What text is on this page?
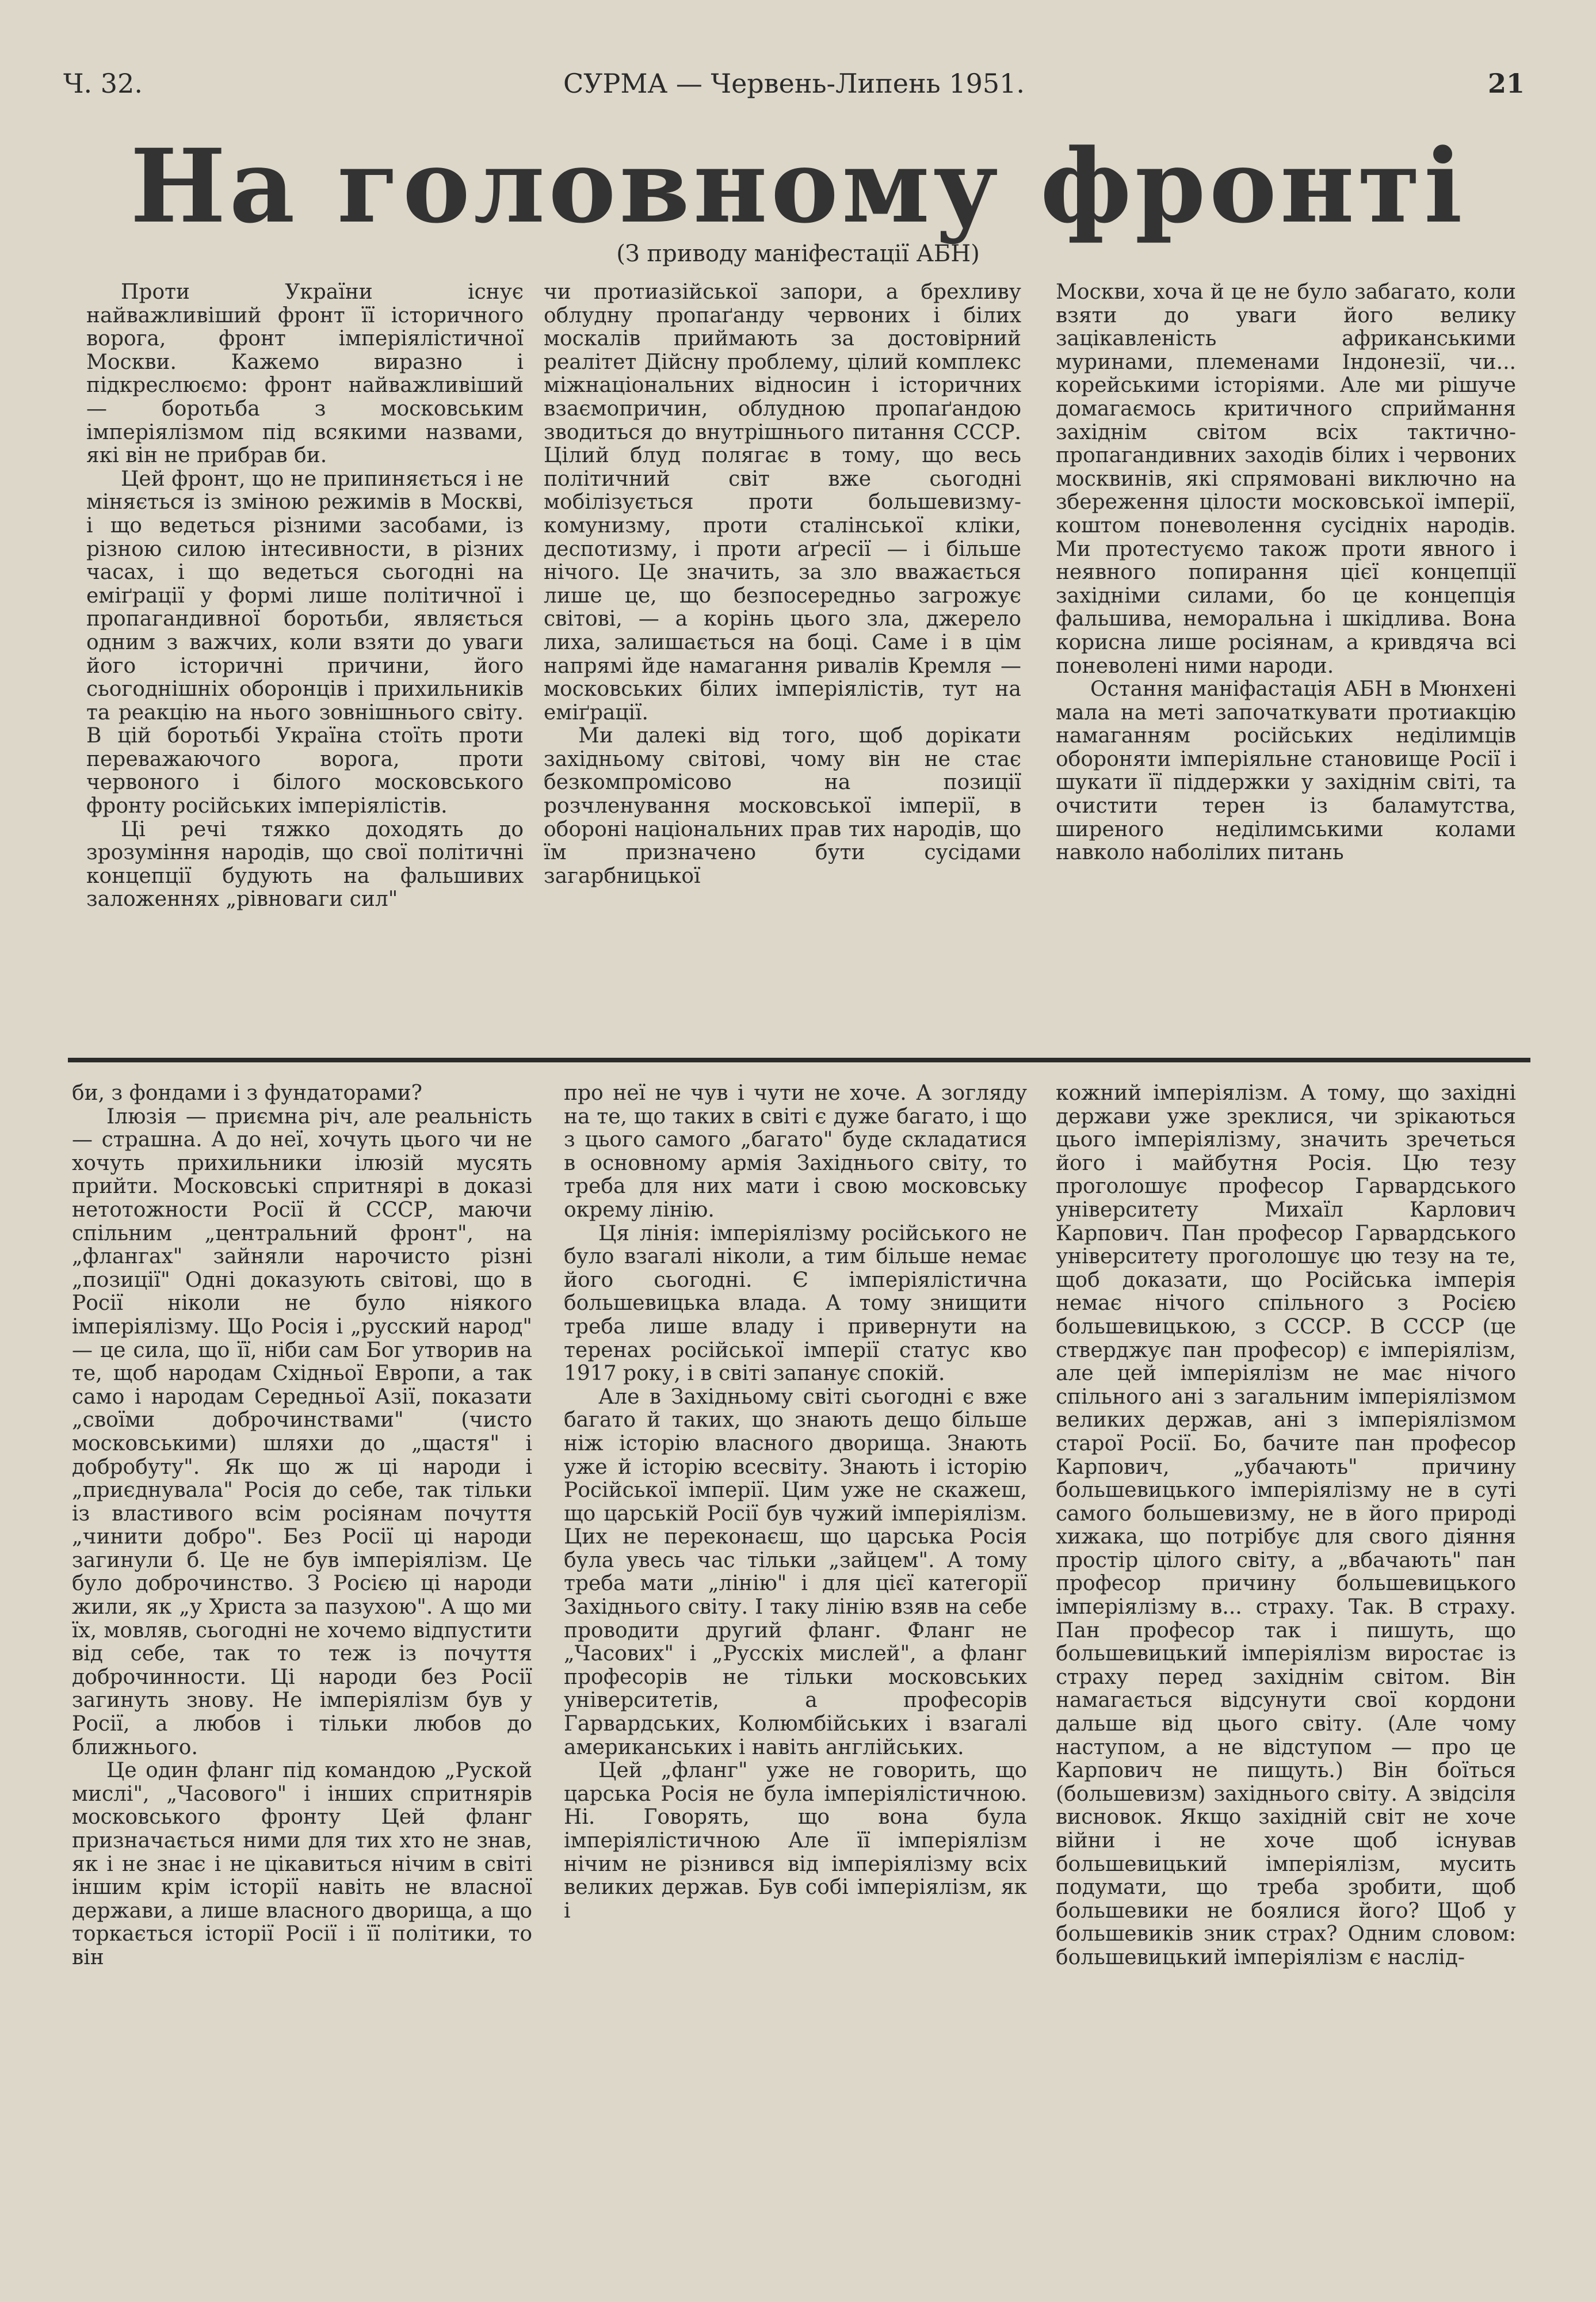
Ч. 32.	СУРМА — Червень-Липень 1951.	21
На головному фронті
(З приводу маніфестації АБН)

Проти України існує найважливіший фронт її історичного ворога, фронт імперіялістичної Москви. Кажемо виразно і підкреслюємо: фронт найважливіший — боротьба з московським імперіялізмом під всякими назвами, які він не прибрав би.

Цей фронт, що не припиняється і не міняється із зміною режимів в Москві, і що ведеться різними засобами, із різною силою інтесивности, в різних часах, і що ведеться сьогодні на еміґрації у формі лише політичної і пропагандивної боротьби, являється одним з важчих, коли взяти до уваги його історичні причини, його сьогоднішніх оборонців і прихильників та реакцію на нього зовнішнього світу. В цій боротьбі Україна стоїть проти переважаючого ворога, проти червоного і білого московського фронту російських імперіялістів.

Ці речі тяжко доходять до зрозуміння народів, що свої політичні концепції будують на фальшивих заложеннях „рівноваги сил"

чи протиазійської запори, а брехливу облудну пропаґанду червоних і білих москалів приймають за достовірний реалітет Дійсну проблему, цілий комплекс міжнаціональних відносин і історичних взаємопричин, облудною пропаґандою зводиться до внутрішнього питання СССР. Цілий блуд полягає в тому, що весь політичний світ вже сьогодні мобілізується проти большевизму-комунизму, проти сталінської кліки, деспотизму, і проти аґресії — і більше нічого. Це значить, за зло вважається лише це, що безпосередньо загрожує світові, — а корінь цього зла, джерело лиха, залишається на боці. Саме і в цім напрямі йде намагання ривалів Кремля — московських білих імперіялістів, тут на еміґрації.

Ми далекі від того, щоб дорікати західньому світові, чому він не стає безкомпромісово на позиції розчленування московської імперії, в обороні національних прав тих народів, що їм призначено бути сусідами загарбницької

Москви, хоча й це не було забагато, коли взяти до уваги його велику зацікавленість африканськими муринами, племенами Індонезії, чи... корейськими історіями. Але ми рішуче домагаємось критичного сприймання західнім світом всіх тактично-пропагандивних заходів білих і червоних москвинів, які спрямовані виключно на збереження цілости московської імперії, коштом поневолення сусідніх народів. Ми протестуємо також проти явного і неявного попирання цієї концепції західніми силами, бо це концепція фальшива, неморальна і шкідлива. Вона корисна лише росіянам, а кривдяча всі поневолені ними народи.

Остання маніфастація АБН в Мюнхені мала на меті започаткувати протиакцію намаганням російських неділимців обороняти імперіяльне становище Росії і шукати її піддержки у західнім світі, та очистити терен із баламутства, ширеного неділимськими колами навколо наболілих питань

би, з фондами і з фундаторами?

Ілюзія — приємна річ, але реальність — страшна. А до неї, хочуть цього чи не хочуть прихильники ілюзій мусять прийти. Московські спритнярі в доказі нетотожности Росії й СССР, маючи спільним „центральний фронт", на „флангах" зайняли нарочисто різні „позиції" Одні доказують світові, що в Росії ніколи не було ніякого імперіялізму. Що Росія і „русский народ" — це сила, що її, ніби сам Бог утворив на те, щоб народам Східньої Европи, а так само і народам Середньої Азії, показати „своїми доброчинствами" (чисто московськими) шляхи до „щастя" і добробуту". Як що ж ці народи і „приєднувала" Росія до себе, так тільки із властивого всім росіянам почуття „чинити добро". Без Росії ці народи загинули б. Це не був імперіялізм. Це було доброчинство. З Росією ці народи жили, як „у Христа за пазухою". А що ми їх, мовляв, сьогодні не хочемо відпустити від себе, так то теж із почуття доброчинности. Ці народи без Росії загинуть знову. Не імперіялізм був у Росії, а любов і тільки любов до ближнього.

Це один фланг під командою „Руской мислі", „Часового" і інших спритнярів московського фронту Цей фланг призначається ними для тих хто не знав, як і не знає і не цікавиться нічим в світі іншим крім історії навіть не власної держави, а лише власного дворища, а що торкається історії Росії і її політики, то він

про неї не чув і чути не хоче. А зогляду на те, що таких в світі є дуже багато, і що з цього самого „багато" буде складатися в основному армія Західнього світу, то треба для них мати і свою московську окрему лінію.

Ця лінія: імперіялізму російського не було взагалі ніколи, а тим більше немає його сьогодні. Є імперіялістична большевицька влада. А тому знищити треба лише владу і привернути на теренах російської імперії статус кво 1917 року, і в світі запанує спокій.

Але в Західньому світі сьогодні є вже багато й таких, що знають дещо більше ніж історію власного дворища. Знають уже й історію всесвіту. Знають і історію Російської імперії. Цим уже не скажеш, що царській Росії був чужий імперіялізм. Цих не переконаєш, що царська Росія була увесь час тільки „зайцем". А тому треба мати „лінію" і для цієї категорії Західнього світу. І таку лінію взяв на себе проводити другий фланг. Фланг не „Часових" і „Русскіх мислей", а фланг професорів не тільки московських університетів, а професорів Гарвардських, Колюмбійських і взагалі американських і навіть англійських.

Цей „фланг" уже не говорить, що царська Росія не була імперіялістичною. Ні. Говорять, що вона була імперіялістичною Але її імперіялізм нічим не різнився від імперіялізму всіх великих держав. Був собі імперіялізм, як і

кожний імперіялізм. А тому, що західні держави уже зреклися, чи зрікаються цього імперіялізму, значить зречеться його і майбутня Росія. Цю тезу проголошує професор Гарвардського університету Михаїл Карлович Карпович. Пан професор Гарвардського університету проголошує цю тезу на те, щоб доказати, що Російська імперія немає нічого спільного з Росією большевицькою, з СССР. В СССР (це стверджує пан професор) є імперіялізм, але цей імперіялізм не має нічого спільного ані з загальним імперіялізмом великих держав, ані з імперіялізмом старої Росії. Бо, бачите пан професор Карпович, „убачають" причину большевицького імперіялізму не в суті самого большевизму, не в його природі хижака, що потрібує для свого діяння простір цілого світу, а „вбачають" пан професор причину большевицького імперіялізму в... страху. Так. В страху. Пан професор так і пишуть, що большевицький імперіялізм виростає із страху перед західнім світом. Він намагається відсунути свої кордони дальше від цього світу. (Але чому наступом, а не відступом — про це Карпович не пищуть.) Він боїться (большевизм) західнього світу. А звідсіля висновок. Якщо західній світ не хоче війни і не хоче щоб існував большевицький імперіялізм, мусить подумати, що треба зробити, щоб большевики не боялися його? Щоб у большевиків зник страх? Одним словом: большевицький імперіялізм є наслід-
